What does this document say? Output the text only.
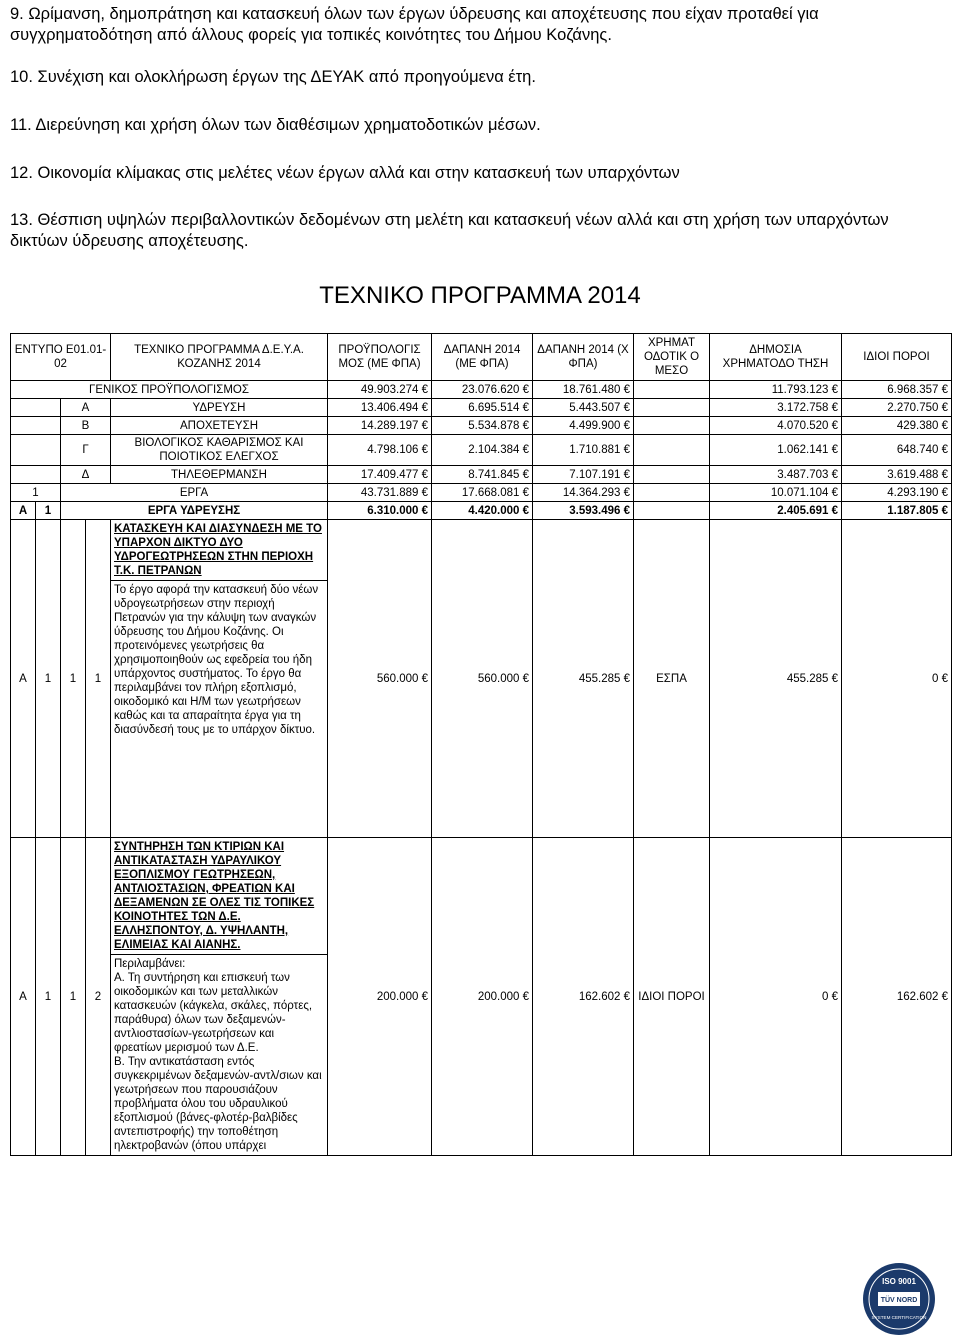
9. Ωρίμανση, δημοπράτηση και κατασκευή όλων των έργων ύδρευσης και αποχέτευσης που είχαν προταθεί για συγχρηματοδότηση από άλλους φορείς για τοπικές κοινότητες του Δήμου Κοζάνης.

10. Συνέχιση και ολοκλήρωση έργων της ΔΕΥΑΚ από προηγούμενα έτη.

11. Διερεύνηση και χρήση όλων των διαθέσιμων χρηματοδοτικών μέσων.

12. Οικονομία κλίμακας στις μελέτες νέων έργων αλλά και στην κατασκευή των υπαρχόντων

13. Θέσπιση υψηλών περιβαλλοντικών δεδομένων στη μελέτη και κατασκευή νέων αλλά και στη χρήση των υπαρχόντων δικτύων ύδρευσης αποχέτευσης.

ΤΕΧΝΙΚΟ ΠΡΟΓΡΑΜΜΑ 2014
ΕΝΤΥΠΟ Ε01.01-02				ΤΕΧΝΙΚΟ ΠΡΟΓΡΑΜΜΑ Δ.Ε.Υ.Α. ΚΟΖΑΝΗΣ 2014	ΠΡΟΫΠΟΛΟΓΙΣ ΜΟΣ (ΜΕ ΦΠΑ)	ΔΑΠΑΝΗ 2014 (ΜΕ ΦΠΑ)	ΔΑΠΑΝΗ 2014 (Χ ΦΠΑ)	ΧΡΗΜΑΤ ΟΔΟΤΙΚ Ο ΜΕΣΟ	ΔΗΜΟΣΙΑ ΧΡΗΜΑΤΟΔΟ ΤΗΣΗ	ΙΔΙΟΙ ΠΟΡΟΙ
ΓΕΝΙΚΟΣ ΠΡΟΫΠΟΛΟΓΙΣΜΟΣ					49.903.274 €	23.076.620 €	18.761.480 €		11.793.123 €	6.968.357 €
		Α		ΥΔΡΕΥΣΗ	13.406.494 €	6.695.514 €	5.443.507 €		3.172.758 €	2.270.750 €
		Β		ΑΠΟΧΕΤΕΥΣΗ	14.289.197 €	5.534.878 €	4.499.900 €		4.070.520 €	429.380 €
		Γ		ΒΙΟΛΟΓΙΚΟΣ ΚΑΘΑΡΙΣΜΟΣ ΚΑΙ ΠΟΙΟΤΙΚΟΣ ΕΛΕΓΧΟΣ	4.798.106 €	2.104.384 €	1.710.881 €		1.062.141 €	648.740 €
		Δ		ΤΗΛΕΘΕΡΜΑΝΣΗ	17.409.477 €	8.741.845 €	7.107.191 €		3.487.703 €	3.619.488 €
1		ΕΡΓΑ			43.731.889 €	17.668.081 €	14.364.293 €		10.071.104 €	4.293.190 €
Α	1	ΕΡΓΑ ΥΔΡΕΥΣΗΣ			6.310.000 €	4.420.000 €	3.593.496 €		2.405.691 €	1.187.805 €
Α	1	1	1	ΚΑΤΑΣΚΕΥΗ ΚΑΙ ΔΙΑΣΥΝΔΕΣΗ ΜΕ ΤΟ ΥΠΑΡΧΟΝ ΔΙΚΤΥΟ ΔΥΟ ΥΔΡΟΓΕΩΤΡΗΣΕΩΝ ΣΤΗΝ ΠΕΡΙΟΧΗ Τ.Κ. ΠΕΤΡΑΝΩΝ
Το έργο αφορά την κατασκευή δύο νέων υδρογεωτρήσεων στην περιοχή Πετρανών για την κάλυψη των αναγκών ύδρευσης του Δήμου Κοζάνης. Οι προτεινόμενες γεωτρήσεις θα χρησιμοποιηθούν ως εφεδρεία του ήδη υπάρχοντος συστήματος. Το έργο θα περιλαμβάνει τον πλήρη εξοπλισμό, οικοδομικό και Η/Μ των γεωτρήσεων καθώς και τα απαραίτητα έργα για τη διασύνδεσή τους με το υπάρχον δίκτυο.	560.000 €	560.000 €	455.285 €	ΕΣΠΑ	455.285 €	0 €
Α	1	1	2	ΣΥΝΤΗΡΗΣΗ ΤΩΝ ΚΤΙΡΙΩΝ ΚΑΙ ΑΝΤΙΚΑΤΑΣΤΑΣΗ ΥΔΡΑΥΛΙΚΟΥ ΕΞΟΠΛΙΣΜΟΥ ΓΕΩΤΡΗΣΕΩΝ, ΑΝΤΛΙΟΣΤΑΣΙΩΝ, ΦΡΕΑΤΙΩΝ ΚΑΙ ΔΕΞΑΜΕΝΩΝ ΣΕ ΟΛΕΣ ΤΙΣ ΤΟΠΙΚΕΣ ΚΟΙΝΟΤΗΤΕΣ ΤΩΝ Δ.Ε. ΕΛΛΗΣΠΟΝΤΟΥ, Δ. ΥΨΗΛΑΝΤΗ, ΕΛΙΜΕΙΑΣ ΚΑΙ ΑΙΑΝΗΣ.

Περιλαμβάνει:

Α. Τη συντήρηση και επισκευή των οικοδομικών και των μεταλλικών κατασκευών (κάγκελα, σκάλες, πόρτες, παράθυρα) όλων των δεξαμενών-αντλιοστασίων-γεωτρήσεων και φρεατίων μερισμού των Δ.Ε.

Β. Την αντικατάσταση εντός συγκεκριμένων δεξαμενών-αντλ/σιων και γεωτρήσεων που παρουσιάζουν προβλήματα όλου του υδραυλικού εξοπλισμού (βάνες-φλοτέρ-βαλβίδες αντεπιστροφής) την τοποθέτηση ηλεκτροβανών (όπου υπάρχει	200.000 €	200.000 €	162.602 €	ΙΔΙΟΙ ΠΟΡΟΙ	0 €	162.602 €
ISO 9001
TÜV NORD
SYSTEM CERTIFICATION
